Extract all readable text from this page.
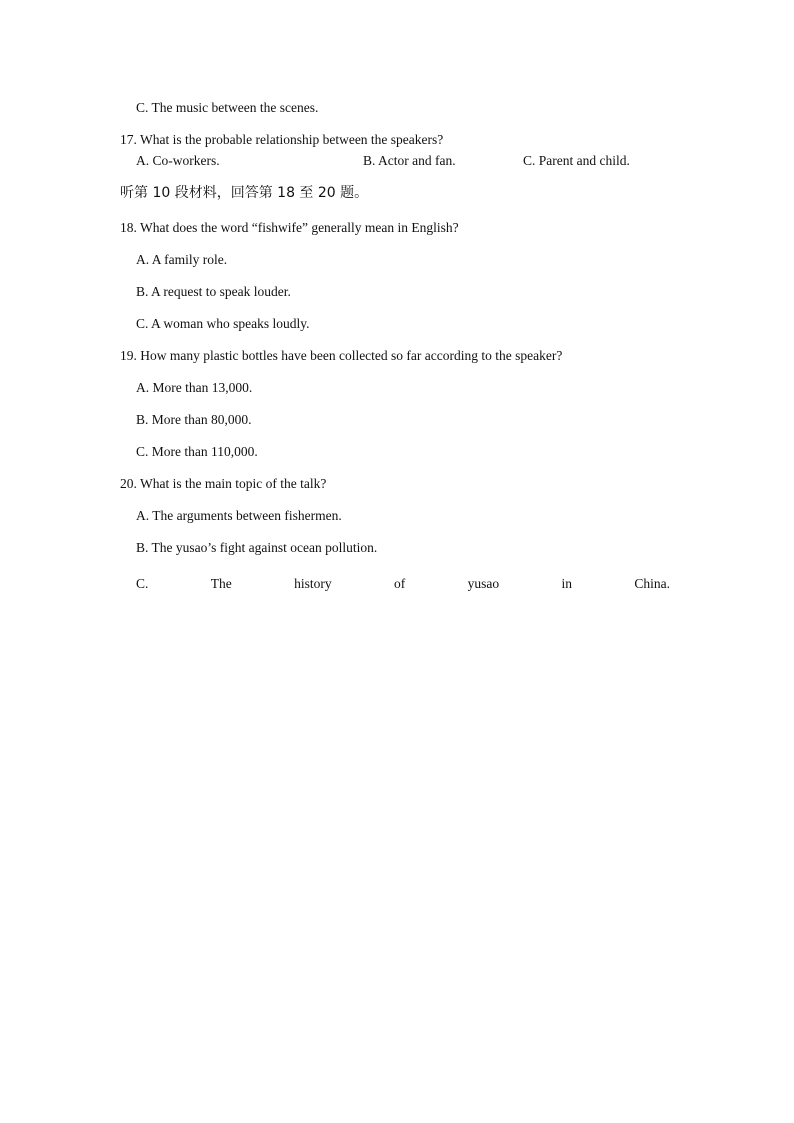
C. The music between the scenes.
17. What is the probable relationship between the speakers?
A. Co-workers.	B. Actor and fan.	C. Parent and child.
听第 10 段材料，回答第 18 至 20 题。
18. What does the word “fishwife” generally mean in English?
A. A family role.
B. A request to speak louder.
C. A woman who speaks loudly.
19. How many plastic bottles have been collected so far according to the speaker?
A. More than 13,000.
B. More than 80,000.
C. More than 110,000.
20. What is the main topic of the talk?
A. The arguments between fishermen.
B. The yusao’s fight against ocean pollution.
C.	The	history	of	yusao	in	China.
